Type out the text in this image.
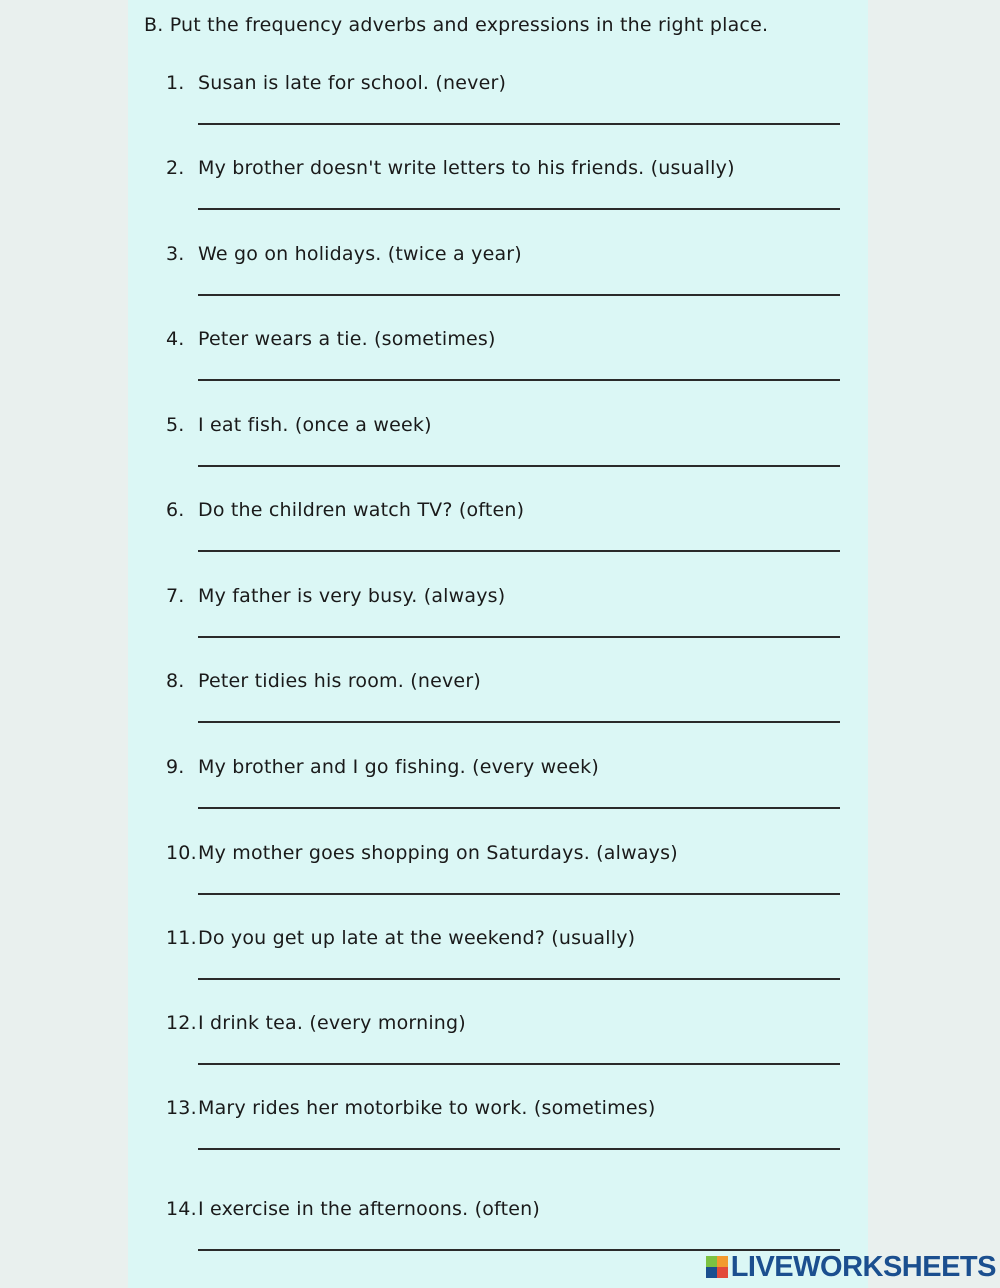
B. Put the frequency adverbs and expressions in the right place.
1. Susan is late for school. (never)
2. My brother doesn't write letters to his friends. (usually)
3. We go on holidays. (twice a year)
4. Peter wears a tie. (sometimes)
5. I eat fish. (once a week)
6. Do the children watch TV? (often)
7. My father is very busy. (always)
8. Peter tidies his room. (never)
9. My brother and I go fishing. (every week)
10.My mother goes shopping on Saturdays. (always)
11.Do you get up late at the weekend? (usually)
12.I drink tea. (every morning)
13.Mary rides her motorbike to work. (sometimes)
14.I exercise in the afternoons. (often)
LIVEWORKSHEETS
